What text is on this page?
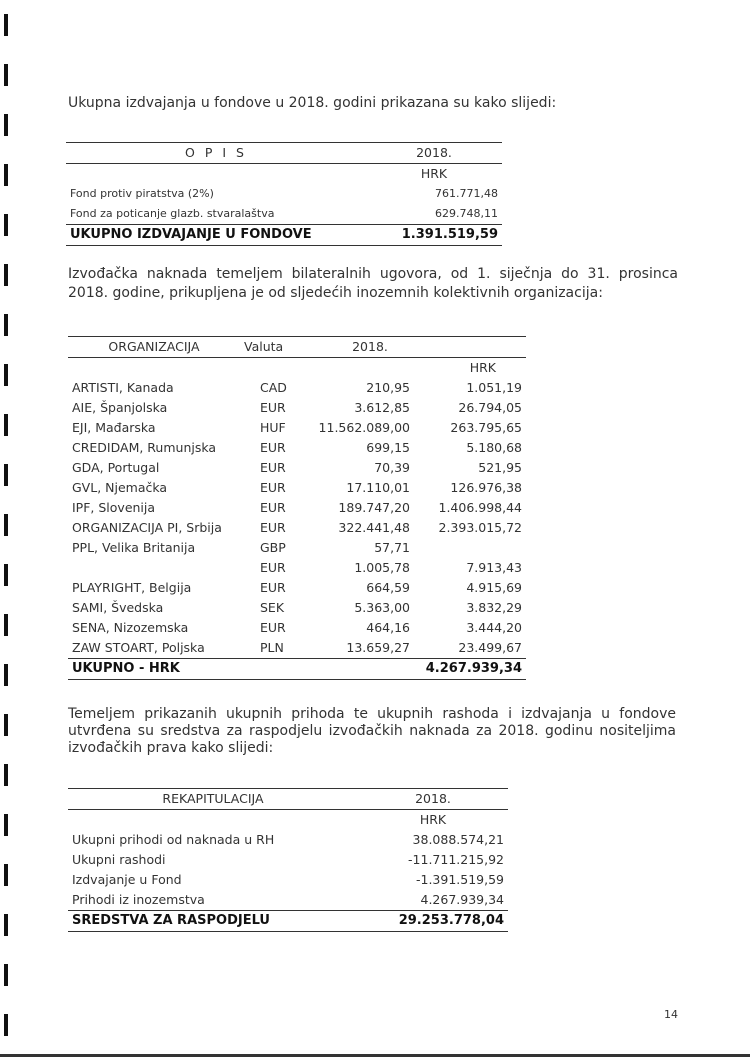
Ukupna izdvajanja u fondove u 2018. godini prikazana su kako slijedi:

O P I S	2018.
	HRK
Fond protiv piratstva (2%)	761.771,48
Fond za poticanje glazb. stvaralaštva	629.748,11
UKUPNO IZDVAJANJE U FONDOVE	1.391.519,59

Izvođačka naknada temeljem bilateralnih ugovora, od 1. siječnja do 31. prosinca

2018. godine, prikupljena je od sljedećih inozemnih kolektivnih organizacija:

ORGANIZACIJA	Valuta	2018.	
			HRK
ARTISTI, Kanada	CAD	210,95	1.051,19
AIE, Španjolska	EUR	3.612,85	26.794,05
EJI, Mađarska	HUF	11.562.089,00	263.795,65
CREDIDAM, Rumunjska	EUR	699,15	5.180,68
GDA, Portugal	EUR	70,39	521,95
GVL, Njemačka	EUR	17.110,01	126.976,38
IPF, Slovenija	EUR	189.747,20	1.406.998,44
ORGANIZACIJA PI, Srbija	EUR	322.441,48	2.393.015,72
PPL, Velika Britanija	GBP	57,71	
	EUR	1.005,78	7.913,43
PLAYRIGHT, Belgija	EUR	664,59	4.915,69
SAMI, Švedska	SEK	5.363,00	3.832,29
SENA, Nizozemska	EUR	464,16	3.444,20
ZAW STOART, Poljska	PLN	13.659,27	23.499,67
UKUPNO - HRK			4.267.939,34

Temeljem prikazanih ukupnih prihoda te ukupnih rashoda i izdvajanja u fondove

utvrđena su sredstva za raspodjelu izvođačkih naknada za 2018. godinu nositeljima

izvođačkih prava kako slijedi:

REKAPITULACIJA	2018.
	HRK
Ukupni prihodi od naknada u RH	38.088.574,21
Ukupni rashodi	-11.711.215,92
Izdvajanje u Fond	-1.391.519,59
Prihodi iz inozemstva	4.267.939,34
SREDSTVA ZA RASPODJELU	29.253.778,04
14
